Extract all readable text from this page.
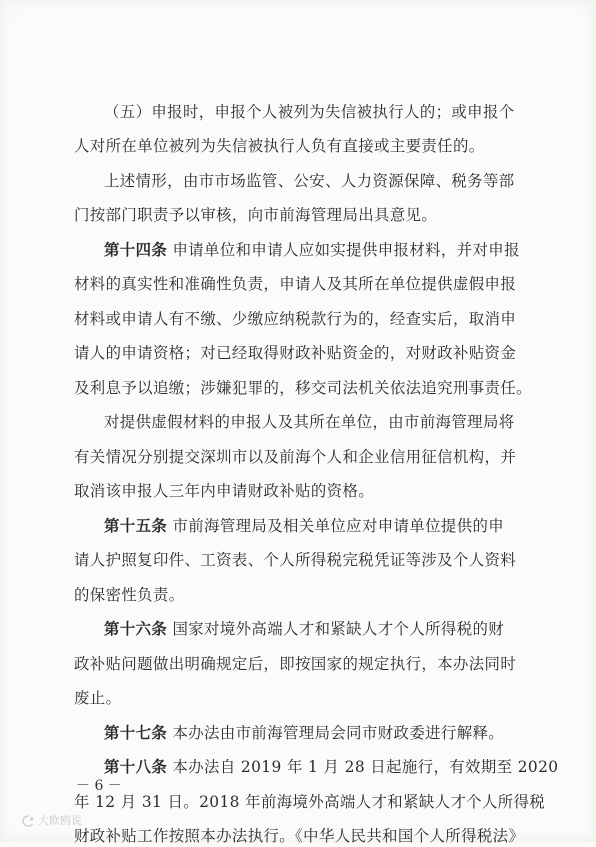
（五）申报时，申报个人被列为失信被执行人的；或申报个
人对所在单位被列为失信被执行人负有直接或主要责任的。
上述情形，由市市场监管、公安、人力资源保障、税务等部
门按部门职责予以审核，向市前海管理局出具意见。
第十四条 申请单位和申请人应如实提供申报材料，并对申报
材料的真实性和准确性负责，申请人及其所在单位提供虚假申报
材料或申请人有不缴、少缴应纳税款行为的，经查实后，取消申
请人的申请资格；对已经取得财政补贴资金的，对财政补贴资金
及利息予以追缴；涉嫌犯罪的，移交司法机关依法追究刑事责任。
对提供虚假材料的申报人及其所在单位，由市前海管理局将
有关情况分别提交深圳市以及前海个人和企业信用征信机构，并
取消该申报人三年内申请财政补贴的资格。
第十五条 市前海管理局及相关单位应对申请单位提供的申
请人护照复印件、工资表、个人所得税完税凭证等涉及个人资料
的保密性负责。
第十六条 国家对境外高端人才和紧缺人才个人所得税的财
政补贴问题做出明确规定后，即按国家的规定执行，本办法同时
废止。
第十七条 本办法由市前海管理局会同市财政委进行解释。
第十八条 本办法自 2019 年 1 月 28 日起施行，有效期至 2020
年 12 月 31 日。2018 年前海境外高端人才和紧缺人才个人所得税
财政补贴工作按照本办法执行。《中华人民共和国个人所得税法》
－ 6 －
大欧鸥说
